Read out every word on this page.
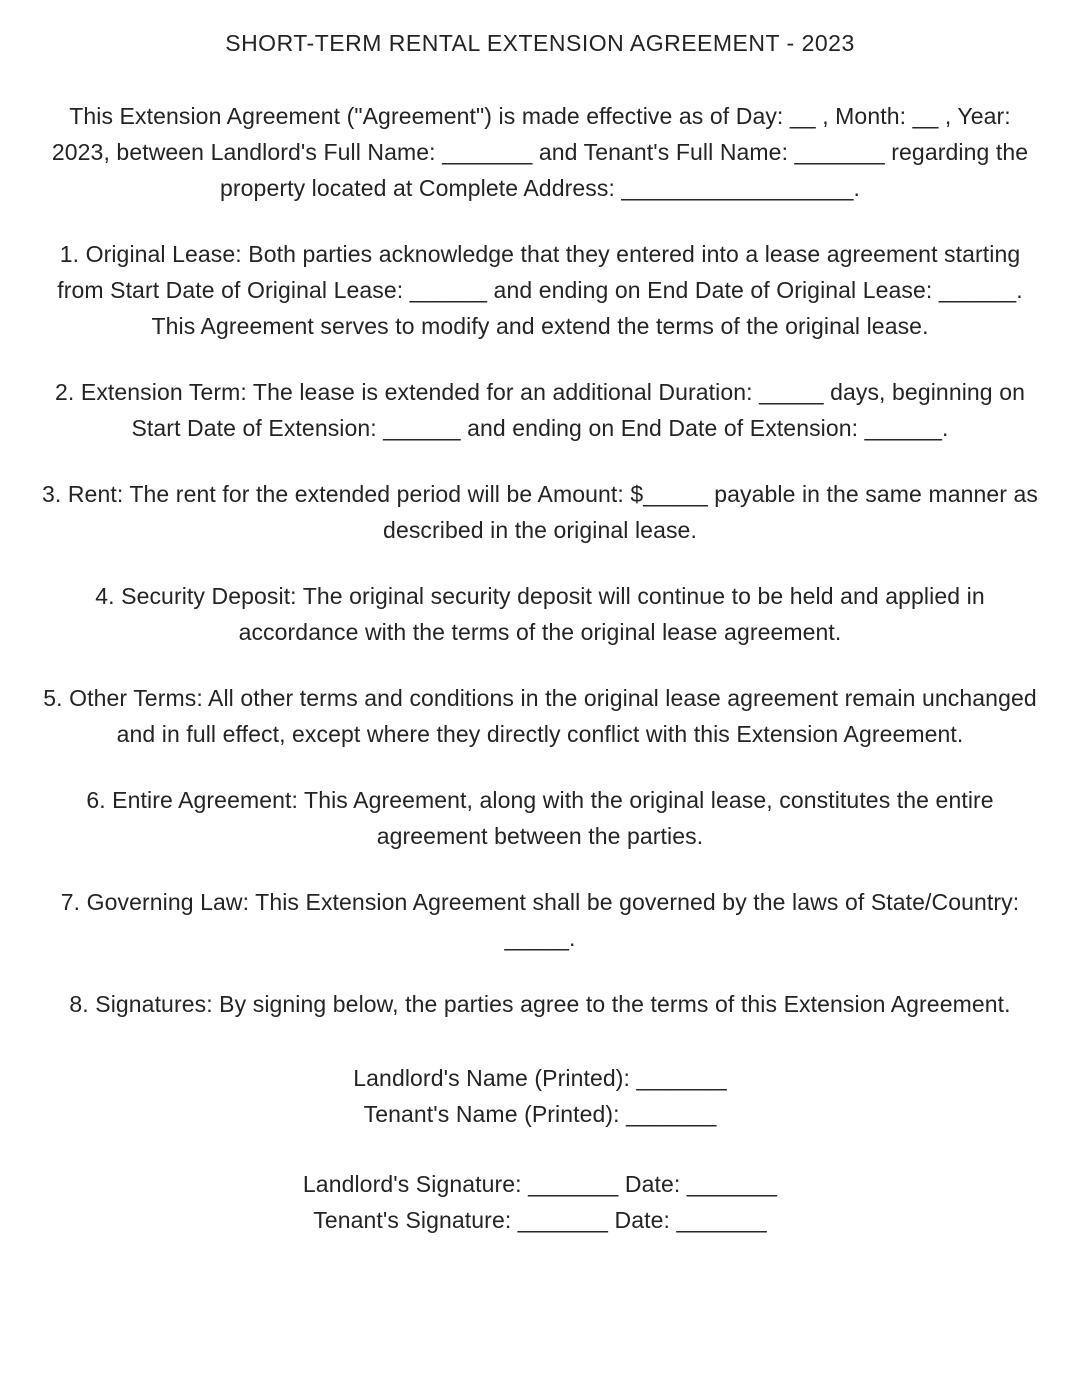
SHORT-TERM RENTAL EXTENSION AGREEMENT - 2023

This Extension Agreement ("Agreement") is made effective as of Day: __ , Month: __ , Year: 2023, between Landlord's Full Name: _______ and Tenant's Full Name: _______ regarding the property located at Complete Address: __________________.

1. Original Lease: Both parties acknowledge that they entered into a lease agreement starting from Start Date of Original Lease: ______ and ending on End Date of Original Lease: ______. This Agreement serves to modify and extend the terms of the original lease.

2. Extension Term: The lease is extended for an additional Duration: _____ days, beginning on Start Date of Extension: ______ and ending on End Date of Extension: ______.

3. Rent: The rent for the extended period will be Amount: $_____ payable in the same manner as described in the original lease.

4. Security Deposit: The original security deposit will continue to be held and applied in accordance with the terms of the original lease agreement.

5. Other Terms: All other terms and conditions in the original lease agreement remain unchanged and in full effect, except where they directly conflict with this Extension Agreement.

6. Entire Agreement: This Agreement, along with the original lease, constitutes the entire agreement between the parties.

7. Governing Law: This Extension Agreement shall be governed by the laws of State/Country: _____.

8. Signatures: By signing below, the parties agree to the terms of this Extension Agreement.

Landlord's Name (Printed): _______

Tenant's Name (Printed): _______

Landlord's Signature: _______ Date: _______

Tenant's Signature: _______ Date: _______
